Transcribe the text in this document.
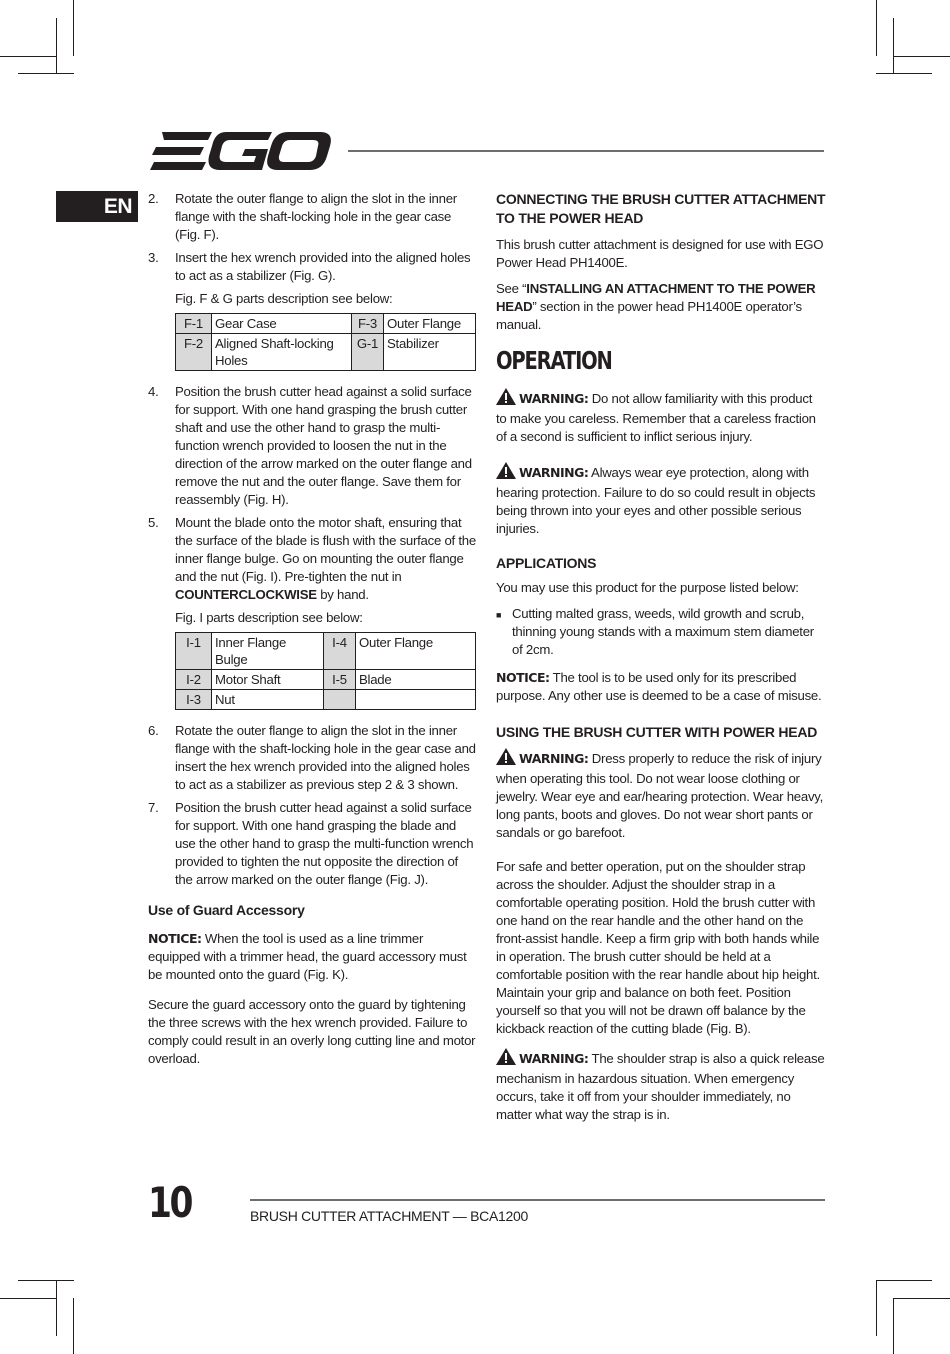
EN	2.	Rotate the outer flange to align the slot in the inner flange with the shaft-locking hole in the gear case (Fig. F).
3.	Insert the hex wrench provided into the aligned holes to act as a stabilizer (Fig. G).
Fig. F & G parts description see below:
F-1	Gear Case	F-3	Outer Flange
F-2	Aligned Shaft-locking Holes	G-1	Stabilizer
4.	Position the brush cutter head against a solid surface for support. With one hand grasping the brush cutter shaft and use the other hand to grasp the multi-function wrench provided to loosen the nut in the direction of the arrow marked on the outer flange and remove the nut and the outer flange. Save them for reassembly (Fig. H).
5.	Mount the blade onto the motor shaft, ensuring that the surface of the blade is flush with the surface of the inner flange bulge. Go on mounting the outer flange and the nut (Fig. I). Pre-tighten the nut in COUNTERCLOCKWISE by hand.
Fig. I parts description see below:
I-1	Inner Flange Bulge	I-4	Outer Flange
I-2	Motor Shaft	I-5	Blade
I-3	Nut		
6.	Rotate the outer flange to align the slot in the inner flange with the shaft-locking hole in the gear case and insert the hex wrench provided into the aligned holes to act as a stabilizer as previous step 2 & 3 shown.
7.	Position the brush cutter head against a solid surface for support. With one hand grasping the blade and use the other hand to grasp the multi-function wrench provided to tighten the nut opposite the direction of the arrow marked on the outer flange (Fig. J).
Use of Guard Accessory
NOTICE: When the tool is used as a line trimmer equipped with a trimmer head, the guard accessory must be mounted onto the guard (Fig. K).
Secure the guard accessory onto the guard by tightening the three screws with the hex wrench provided. Failure to comply could result in an overly long cutting line and motor overload.
CONNECTING THE BRUSH CUTTER ATTACHMENT TO THE POWER HEAD
This brush cutter attachment is designed for use with EGO Power Head PH1400E.
See “INSTALLING AN ATTACHMENT TO THE POWER HEAD” section in the power head PH1400E operator’s manual.
OPERATION
WARNING: Do not allow familiarity with this product to make you careless. Remember that a careless fraction of a second is sufficient to inflict serious injury.
WARNING: Always wear eye protection, along with hearing protection. Failure to do so could result in objects being thrown into your eyes and other possible serious injuries.
APPLICATIONS
You may use this product for the purpose listed below:
■ Cutting malted grass, weeds, wild growth and scrub, thinning young stands with a maximum stem diameter of 2cm.
NOTICE: The tool is to be used only for its prescribed purpose. Any other use is deemed to be a case of misuse.
USING THE BRUSH CUTTER WITH POWER HEAD
WARNING: Dress properly to reduce the risk of injury when operating this tool. Do not wear loose clothing or jewelry. Wear eye and ear/hearing protection. Wear heavy, long pants, boots and gloves. Do not wear short pants or sandals or go barefoot.
For safe and better operation, put on the shoulder strap across the shoulder. Adjust the shoulder strap in a comfortable operating position. Hold the brush cutter with one hand on the rear handle and the other hand on the front-assist handle. Keep a firm grip with both hands while in operation. The brush cutter should be held at a comfortable position with the rear handle about hip height. Maintain your grip and balance on both feet. Position yourself so that you will not be drawn off balance by the kickback reaction of the cutting blade (Fig. B).
WARNING: The shoulder strap is also a quick release mechanism in hazardous situation. When emergency occurs, take it off from your shoulder immediately, no matter what way the strap is in.
10	BRUSH CUTTER ATTACHMENT — BCA1200
